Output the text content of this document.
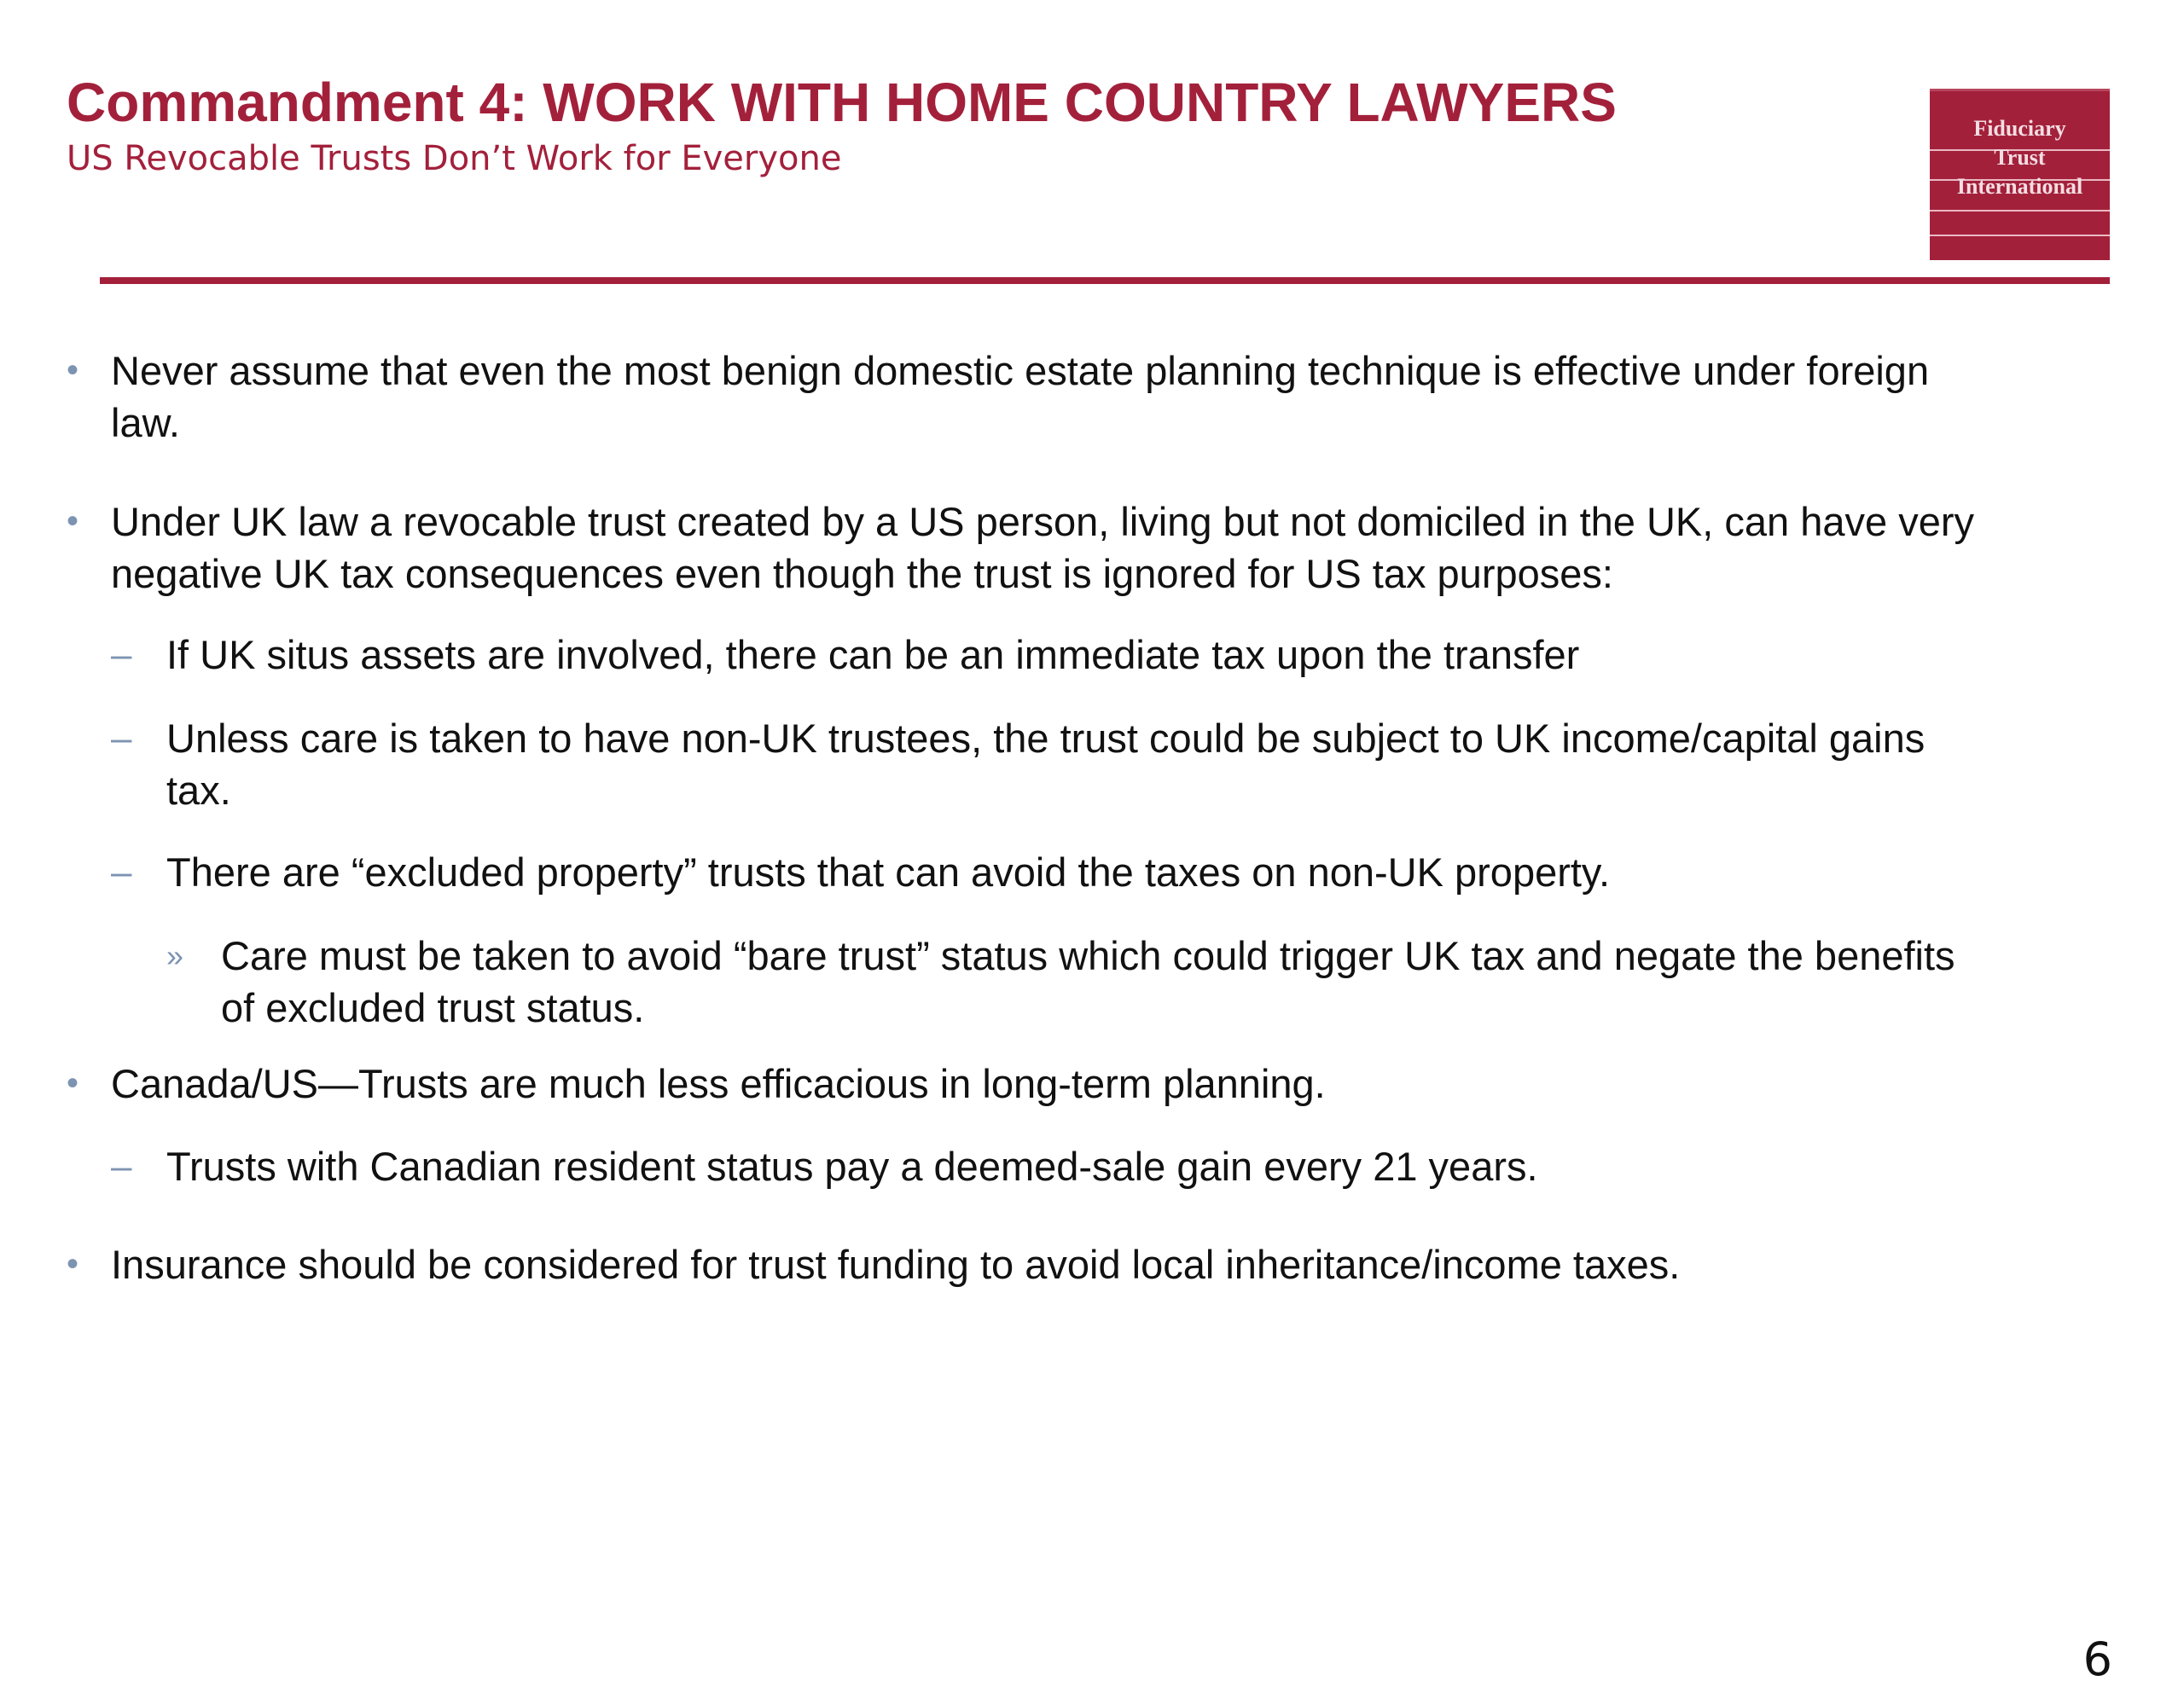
Commandment 4: WORK WITH HOME COUNTRY LAWYERS
US Revocable Trusts Don’t Work for Everyone
Fiduciary
Trust
International
• Never assume that even the most benign domestic estate planning technique is effective under foreign law.

• Under UK law a revocable trust created by a US person, living but not domiciled in the UK, can have very negative UK tax consequences even though the trust is ignored for US tax purposes:

– If UK situs assets are involved, there can be an immediate tax upon the transfer

– Unless care is taken to have non-UK trustees, the trust could be subject to UK income/capital gains tax.

– There are “excluded property” trusts that can avoid the taxes on non-UK property.

» Care must be taken to avoid “bare trust” status which could trigger UK tax and negate the benefits of excluded trust status.

• Canada/US—Trusts are much less efficacious in long-term planning.

– Trusts with Canadian resident status pay a deemed-sale gain every 21 years.

• Insurance should be considered for trust funding to avoid local inheritance/income taxes.

6
